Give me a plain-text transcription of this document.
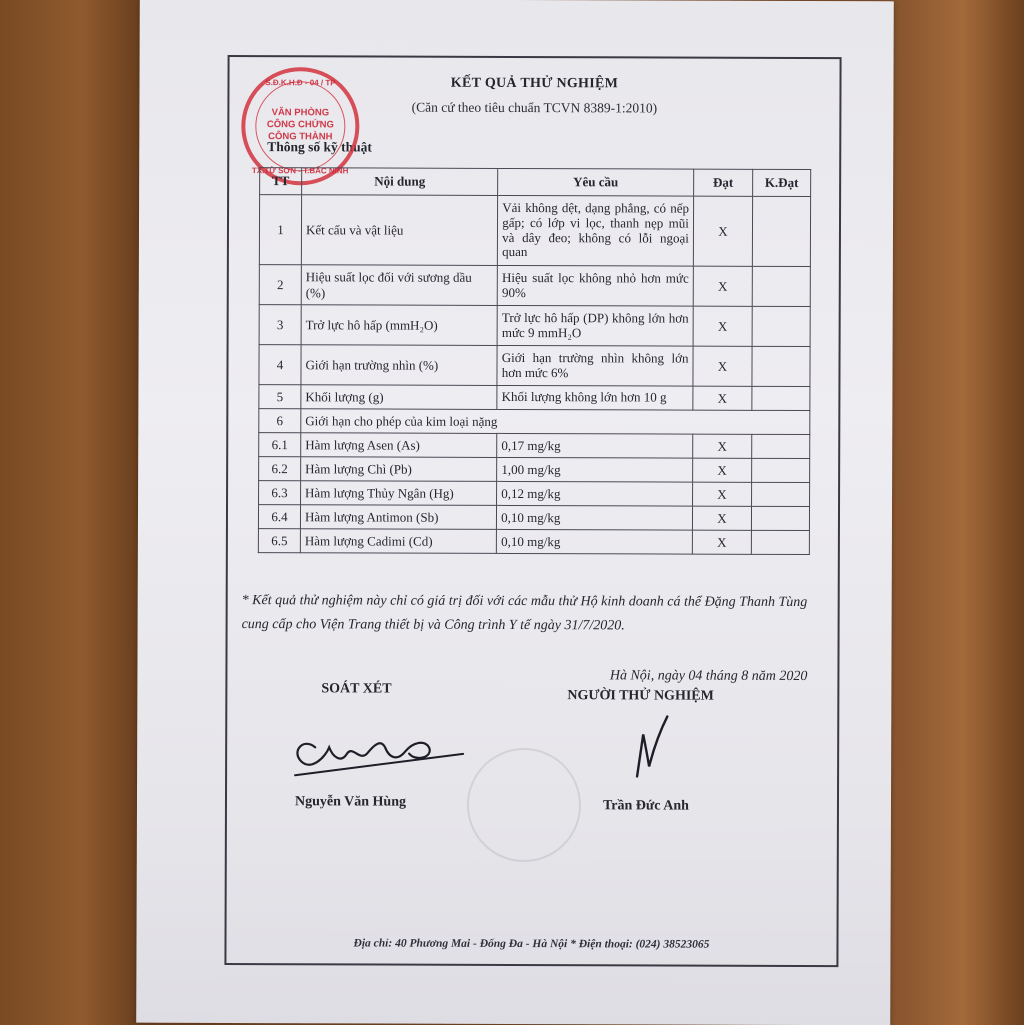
KẾT QUẢ THỬ NGHIỆM
(Căn cứ theo tiêu chuẩn TCVN 8389-1:2010)
Thông số kỹ thuật
S.Đ.K.H.Đ - 04 / TP
VĂN PHÒNG
CÔNG CHỨNG
CÔNG THÀNH
TX.TỪ SƠN - T.BẮC NINH
TT	Nội dung	Yêu cầu	Đạt	K.Đạt
1	Kết cấu và vật liệu	Vải không dệt, dạng phẳng, có nếp gấp; có lớp vi lọc, thanh nẹp mũi và dây đeo; không có lỗi ngoại quan	X	
2	Hiệu suất lọc đối với sương dầu (%)	Hiệu suất lọc không nhỏ hơn mức 90%	X	
3	Trở lực hô hấp (mmH₂O)	Trở lực hô hấp (DP) không lớn hơn mức 9 mmH₂O	X	
4	Giới hạn trường nhìn (%)	Giới hạn trường nhìn không lớn hơn mức 6%	X	
5	Khối lượng (g)	Khối lượng không lớn hơn 10 g	X	
6	Giới hạn cho phép của kim loại nặng			
6.1	Hàm lượng Asen (As)	0,17 mg/kg	X	
6.2	Hàm lượng Chì (Pb)	1,00 mg/kg	X	
6.3	Hàm lượng Thủy Ngân (Hg)	0,12 mg/kg	X	
6.4	Hàm lượng Antimon (Sb)	0,10 mg/kg	X	
6.5	Hàm lượng Cadimi (Cd)	0,10 mg/kg	X	
* Kết quả thử nghiệm này chỉ có giá trị đối với các mẫu thử Hộ kinh doanh cá thể Đặng Thanh Tùng cung cấp cho Viện Trang thiết bị và Công trình Y tế ngày 31/7/2020.
Hà Nội, ngày 04 tháng 8 năm 2020
SOÁT XÉT	NGƯỜI THỬ NGHIỆM
Nguyễn Văn Hùng	Trần Đức Anh
Địa chỉ: 40 Phương Mai - Đống Đa - Hà Nội * Điện thoại: (024) 38523065
